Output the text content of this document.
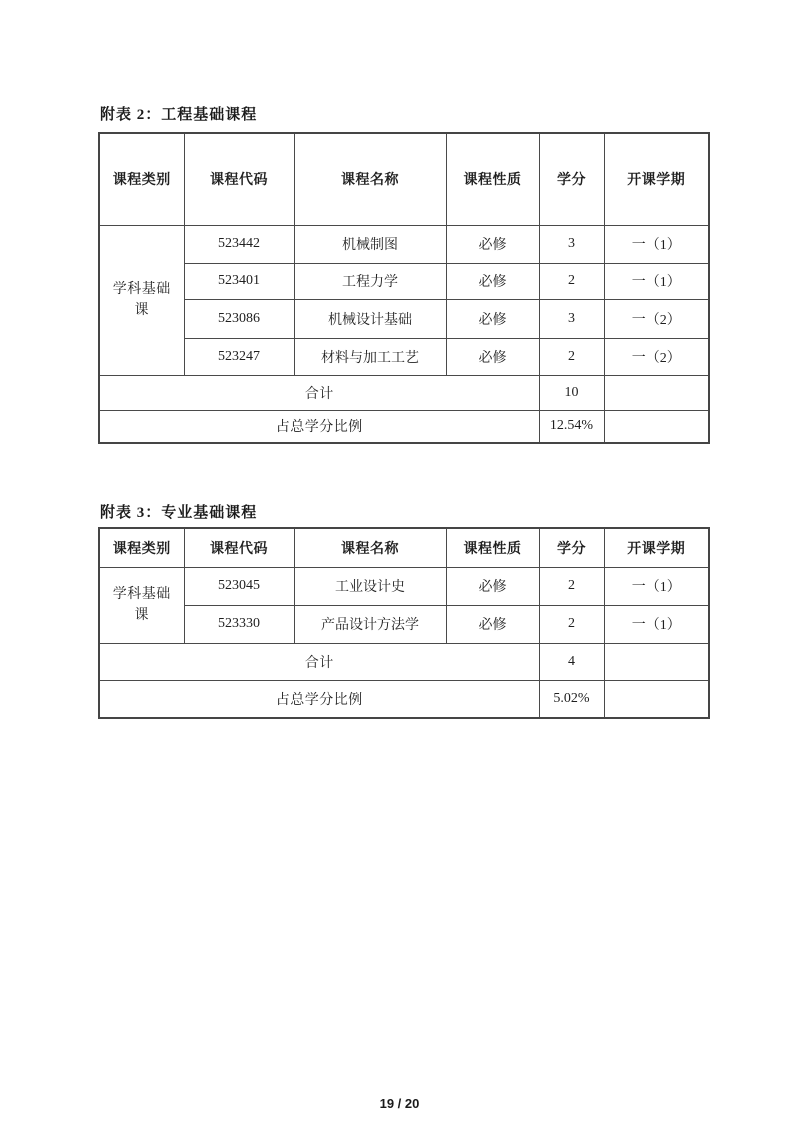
附表 2：工程基础课程
课程类别	课程代码	课程名称	课程性质	学分	开课学期
学科基础课	523442	机械制图	必修	3	一（1）
	523401	工程力学	必修	2	一（1）
	523086	机械设计基础	必修	3	一（2）
	523247	材料与加工工艺	必修	2	一（2）
合计				10	
占总学分比例				12.54%	
附表 3：专业基础课程
课程类别	课程代码	课程名称	课程性质	学分	开课学期
学科基础课	523045	工业设计史	必修	2	一（1）
	523330	产品设计方法学	必修	2	一（1）
合计				4	
占总学分比例				5.02%	
19 / 20
